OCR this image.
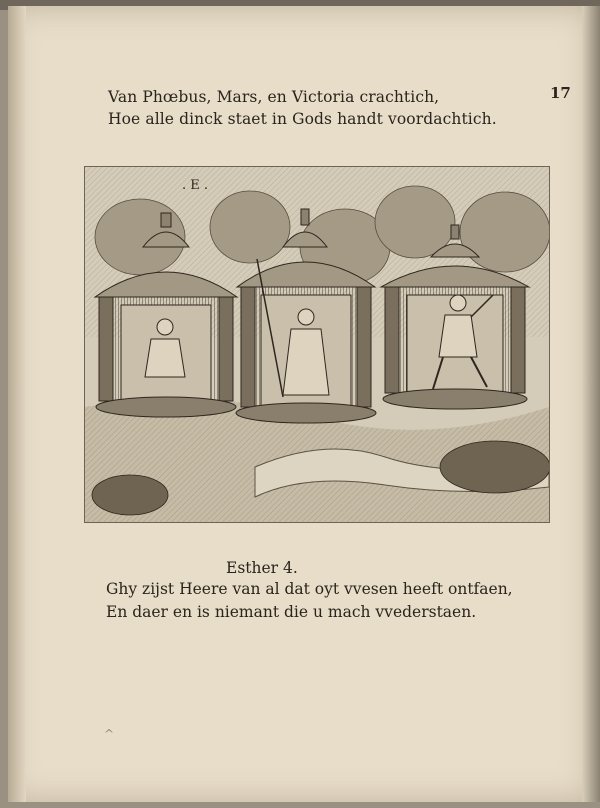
Van Phœbus, Mars, en Victoria crachtich,
Hoe alle dinck staet in Gods handt voordachtich.
17
. E .
Esther 4.
Ghy zijst Heere van al dat oyt vvesen heeft ontfaen,
En daer en is niemant die u mach vvederstaen.
^
